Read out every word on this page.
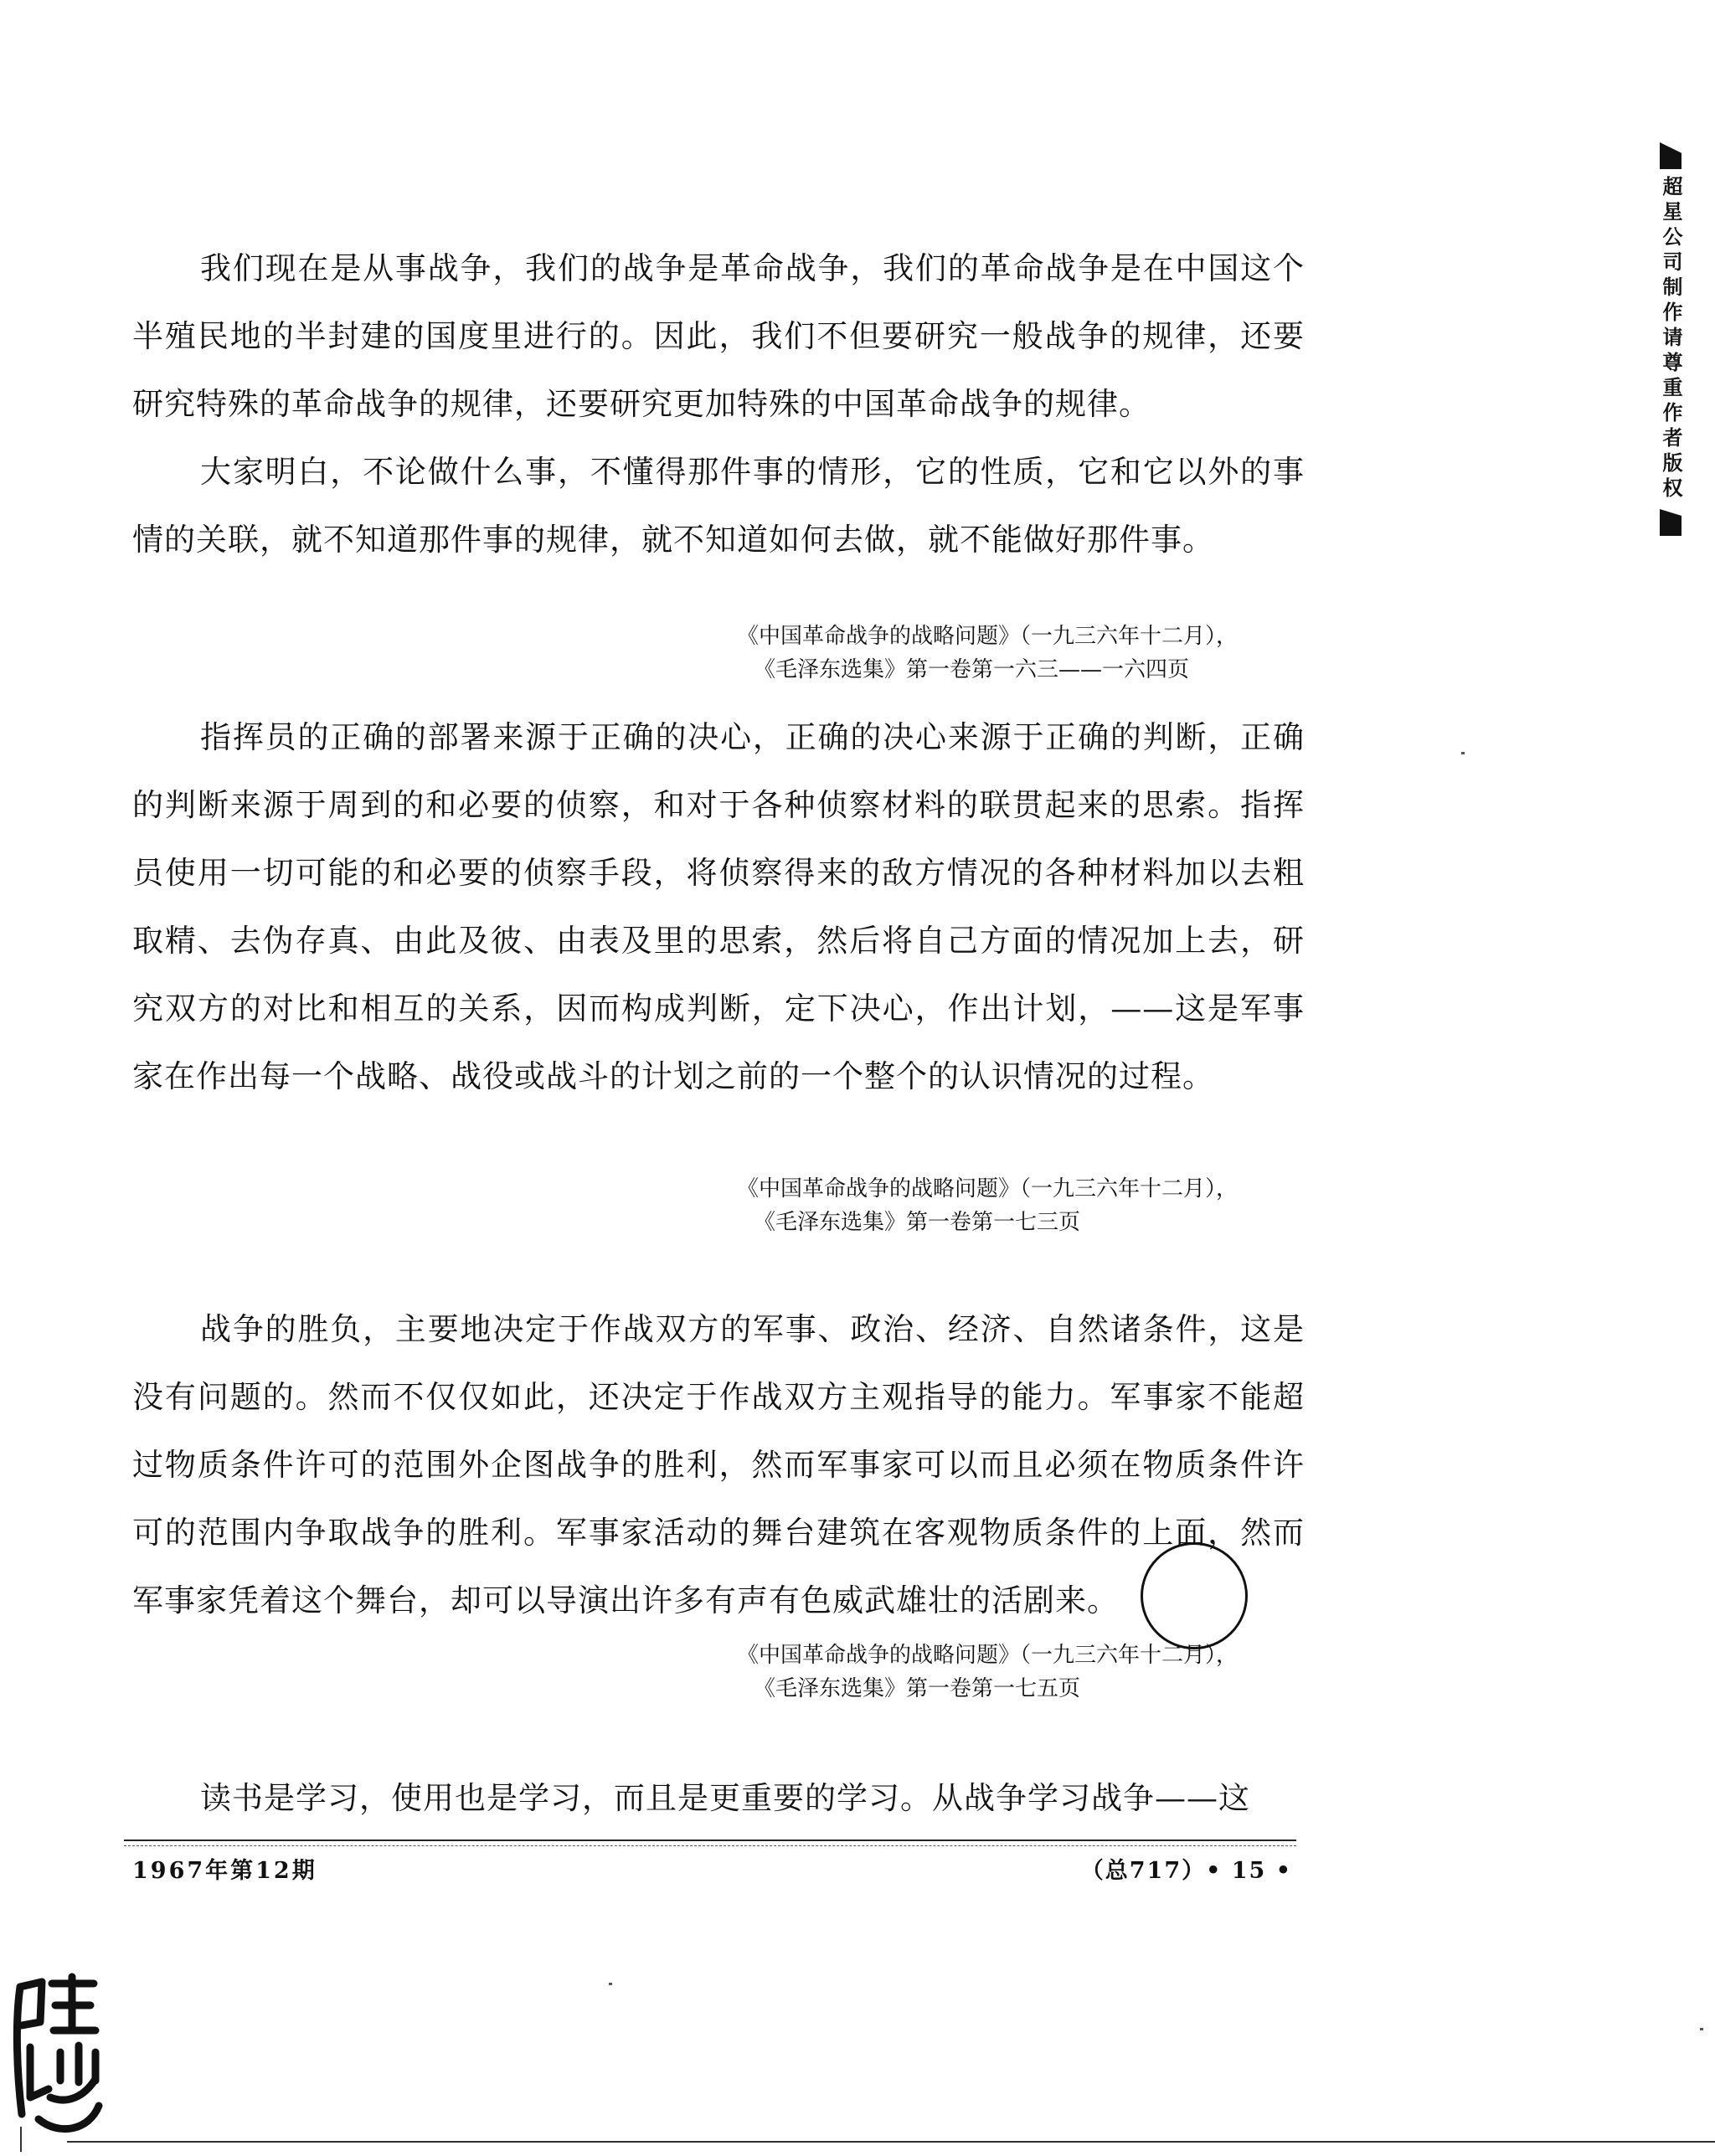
我们现在是从事战争，我们的战争是革命战争，我们的革命战争是在中国这个半殖民地的半封建的国度里进行的。因此，我们不但要研究一般战争的规律，还要研究特殊的革命战争的规律，还要研究更加特殊的中国革命战争的规律。

大家明白，不论做什么事，不懂得那件事的情形，它的性质，它和它以外的事情的关联，就不知道那件事的规律，就不知道如何去做，就不能做好那件事。

《中国革命战争的战略问题》（一九三六年十二月），
《毛泽东选集》第一卷第一六三——一六四页

指挥员的正确的部署来源于正确的决心，正确的决心来源于正确的判断，正确的判断来源于周到的和必要的侦察，和对于各种侦察材料的联贯起来的思索。指挥员使用一切可能的和必要的侦察手段，将侦察得来的敌方情况的各种材料加以去粗取精、去伪存真、由此及彼、由表及里的思索，然后将自己方面的情况加上去，研究双方的对比和相互的关系，因而构成判断，定下决心，作出计划，——这是军事家在作出每一个战略、战役或战斗的计划之前的一个整个的认识情况的过程。

《中国革命战争的战略问题》（一九三六年十二月），
《毛泽东选集》第一卷第一七三页

战争的胜负，主要地决定于作战双方的军事、政治、经济、自然诸条件，这是没有问题的。然而不仅仅如此，还决定于作战双方主观指导的能力。军事家不能超过物质条件许可的范围外企图战争的胜利，然而军事家可以而且必须在物质条件许可的范围内争取战争的胜利。军事家活动的舞台建筑在客观物质条件的上面，然而军事家凭着这个舞台，却可以导演出许多有声有色威武雄壮的活剧来。

《中国革命战争的战略问题》（一九三六年十二月），
《毛泽东选集》第一卷第一七五页

读书是学习，使用也是学习，而且是更重要的学习。从战争学习战争——这

1967年第12期	（总717）• 15 •
超星公司制作请尊重作者版权
